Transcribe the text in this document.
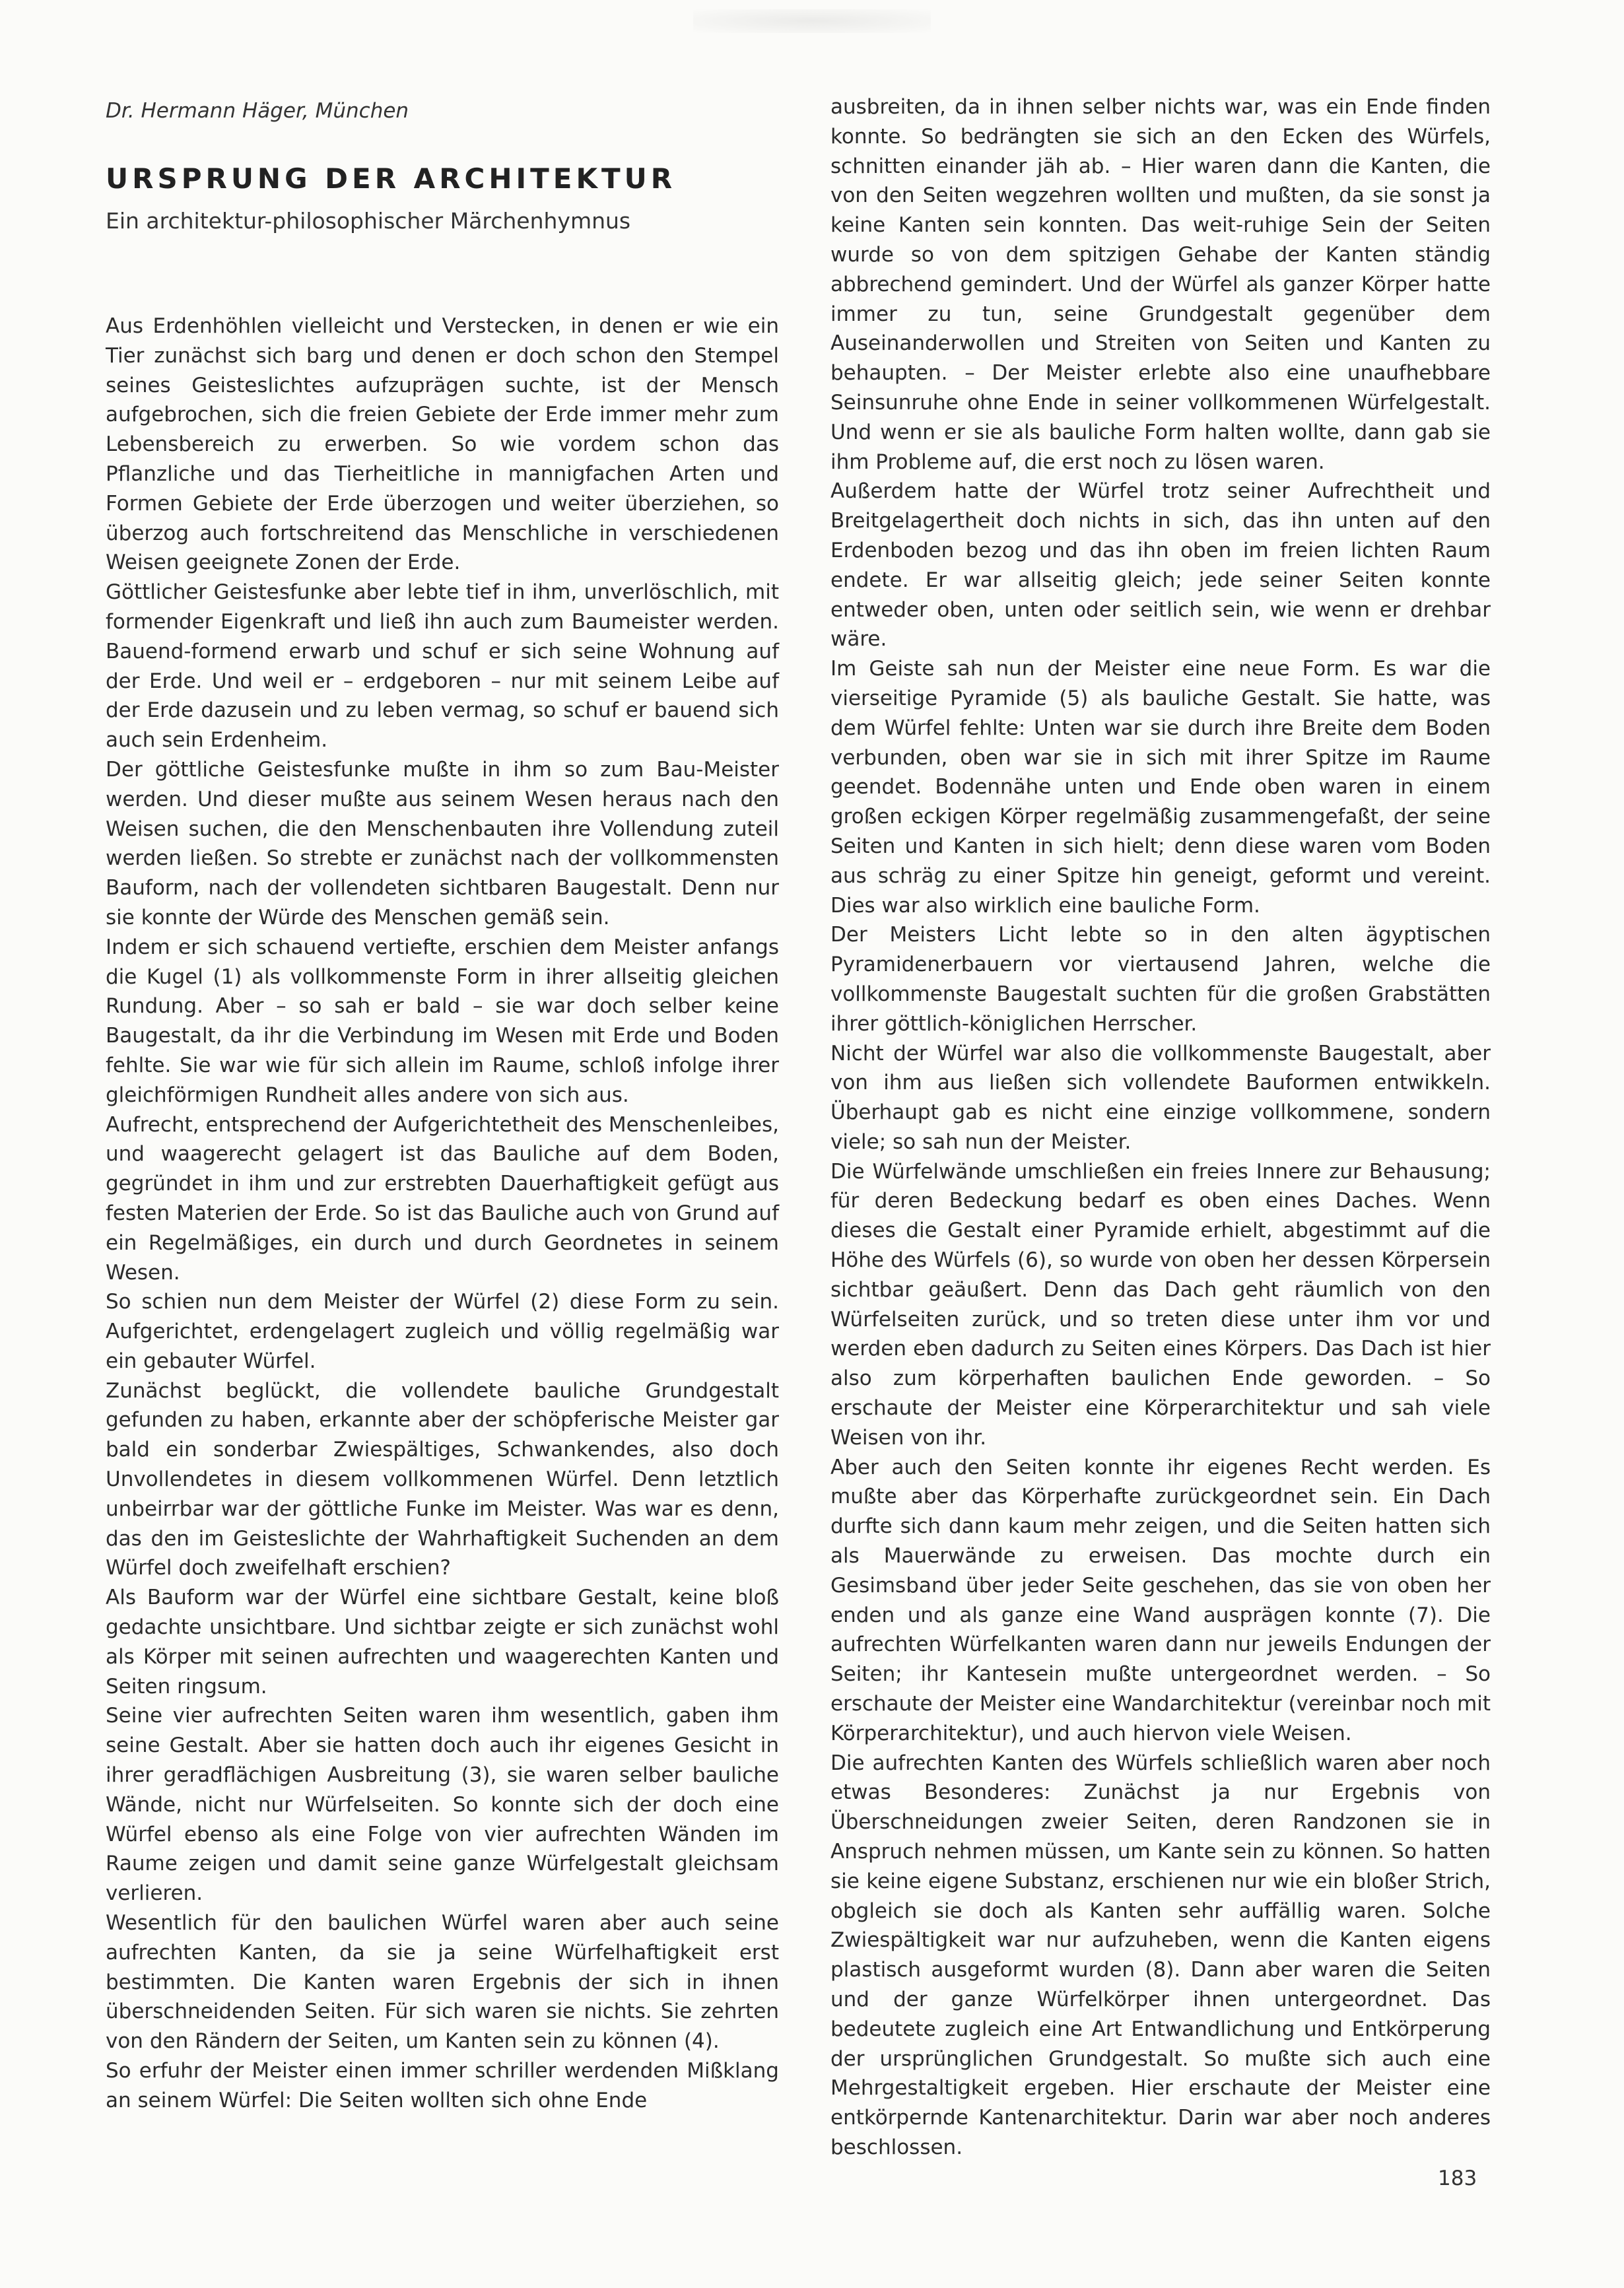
Dr. Hermann Häger, München
URSPRUNG DER ARCHITEKTUR
Ein architektur-philosophischer Märchenhymnus

Aus Erdenhöhlen vielleicht und Verstecken, in denen er wie ein Tier zunächst sich barg und denen er doch schon den Stempel seines Geisteslichtes aufzuprägen suchte, ist der Mensch aufgebrochen, sich die freien Gebiete der Erde immer mehr zum Lebensbereich zu erwerben. So wie vordem schon das Pflanzliche und das Tierheitliche in mannigfachen Arten und Formen Gebiete der Erde überzogen und weiter überziehen, so überzog auch fortschreitend das Menschliche in verschiedenen Weisen geeignete Zonen der Erde.

Göttlicher Geistesfunke aber lebte tief in ihm, unverlöschlich, mit formender Eigenkraft und ließ ihn auch zum Baumeister werden. Bauend-formend erwarb und schuf er sich seine Wohnung auf der Erde. Und weil er – erdgeboren – nur mit seinem Leibe auf der Erde dazusein und zu leben vermag, so schuf er bauend sich auch sein Erdenheim.

Der göttliche Geistesfunke mußte in ihm so zum Bau-Meister werden. Und dieser mußte aus seinem Wesen heraus nach den Weisen suchen, die den Menschenbauten ihre Vollendung zuteil werden ließen. So strebte er zunächst nach der vollkommensten Bauform, nach der vollendeten sichtbaren Baugestalt. Denn nur sie konnte der Würde des Menschen gemäß sein.

Indem er sich schauend vertiefte, erschien dem Meister anfangs die Kugel (1) als vollkommenste Form in ihrer allseitig gleichen Rundung. Aber – so sah er bald – sie war doch selber keine Baugestalt, da ihr die Verbindung im Wesen mit Erde und Boden fehlte. Sie war wie für sich allein im Raume, schloß infolge ihrer gleichförmigen Rundheit alles andere von sich aus.

Aufrecht, entsprechend der Aufgerichtetheit des Menschenleibes, und waagerecht gelagert ist das Bauliche auf dem Boden, gegründet in ihm und zur erstrebten Dauerhaftigkeit gefügt aus festen Materien der Erde. So ist das Bauliche auch von Grund auf ein Regelmäßiges, ein durch und durch Geordnetes in seinem Wesen.

So schien nun dem Meister der Würfel (2) diese Form zu sein. Aufgerichtet, erdengelagert zugleich und völlig regelmäßig war ein gebauter Würfel.

Zunächst beglückt, die vollendete bauliche Grundgestalt gefunden zu haben, erkannte aber der schöpferische Meister gar bald ein sonderbar Zwiespältiges, Schwankendes, also doch Unvollendetes in diesem vollkommenen Würfel. Denn letztlich unbeirrbar war der göttliche Funke im Meister. Was war es denn, das den im Geisteslichte der Wahrhaftigkeit Suchenden an dem Würfel doch zweifelhaft erschien?

Als Bauform war der Würfel eine sichtbare Gestalt, keine bloß gedachte unsichtbare. Und sichtbar zeigte er sich zunächst wohl als Körper mit seinen aufrechten und waagerechten Kanten und Seiten ringsum.

Seine vier aufrechten Seiten waren ihm wesentlich, gaben ihm seine Gestalt. Aber sie hatten doch auch ihr eigenes Gesicht in ihrer geradflächigen Ausbreitung (3), sie waren selber bauliche Wände, nicht nur Würfelseiten. So konnte sich der doch eine Würfel ebenso als eine Folge von vier aufrechten Wänden im Raume zeigen und damit seine ganze Würfelgestalt gleichsam verlieren.

Wesentlich für den baulichen Würfel waren aber auch seine aufrechten Kanten, da sie ja seine Würfelhaftigkeit erst bestimmten. Die Kanten waren Ergebnis der sich in ihnen überschneidenden Seiten. Für sich waren sie nichts. Sie zehrten von den Rändern der Seiten, um Kanten sein zu können (4).

So erfuhr der Meister einen immer schriller werdenden Mißklang an seinem Würfel: Die Seiten wollten sich ohne Ende

ausbreiten, da in ihnen selber nichts war, was ein Ende finden konnte. So bedrängten sie sich an den Ecken des Würfels, schnitten einander jäh ab. – Hier waren dann die Kanten, die von den Seiten wegzehren wollten und mußten, da sie sonst ja keine Kanten sein konnten. Das weit-ruhige Sein der Seiten wurde so von dem spitzigen Gehabe der Kanten ständig abbrechend gemindert. Und der Würfel als ganzer Körper hatte immer zu tun, seine Grundgestalt gegenüber dem Auseinanderwollen und Streiten von Seiten und Kanten zu behaupten. – Der Meister erlebte also eine unaufhebbare Seinsunruhe ohne Ende in seiner vollkommenen Würfelgestalt. Und wenn er sie als bauliche Form halten wollte, dann gab sie ihm Probleme auf, die erst noch zu lösen waren.

Außerdem hatte der Würfel trotz seiner Aufrechtheit und Breitgelagertheit doch nichts in sich, das ihn unten auf den Erdenboden bezog und das ihn oben im freien lichten Raum endete. Er war allseitig gleich; jede seiner Seiten konnte entweder oben, unten oder seitlich sein, wie wenn er drehbar wäre.

Im Geiste sah nun der Meister eine neue Form. Es war die vierseitige Pyramide (5) als bauliche Gestalt. Sie hatte, was dem Würfel fehlte: Unten war sie durch ihre Breite dem Boden verbunden, oben war sie in sich mit ihrer Spitze im Raume geendet. Bodennähe unten und Ende oben waren in einem großen eckigen Körper regelmäßig zusammengefaßt, der seine Seiten und Kanten in sich hielt; denn diese waren vom Boden aus schräg zu einer Spitze hin geneigt, geformt und vereint. Dies war also wirklich eine bauliche Form.

Der Meisters Licht lebte so in den alten ägyptischen Pyramidenerbauern vor viertausend Jahren, welche die vollkommenste Baugestalt suchten für die großen Grabstätten ihrer göttlich-königlichen Herrscher.

Nicht der Würfel war also die vollkommenste Baugestalt, aber von ihm aus ließen sich vollendete Bauformen entwikkeln. Überhaupt gab es nicht eine einzige vollkommene, sondern viele; so sah nun der Meister.

Die Würfelwände umschließen ein freies Innere zur Behausung; für deren Bedeckung bedarf es oben eines Daches. Wenn dieses die Gestalt einer Pyramide erhielt, abgestimmt auf die Höhe des Würfels (6), so wurde von oben her dessen Körpersein sichtbar geäußert. Denn das Dach geht räumlich von den Würfelseiten zurück, und so treten diese unter ihm vor und werden eben dadurch zu Seiten eines Körpers. Das Dach ist hier also zum körperhaften baulichen Ende geworden. – So erschaute der Meister eine Körperarchitektur und sah viele Weisen von ihr.

Aber auch den Seiten konnte ihr eigenes Recht werden. Es mußte aber das Körperhafte zurückgeordnet sein. Ein Dach durfte sich dann kaum mehr zeigen, und die Seiten hatten sich als Mauerwände zu erweisen. Das mochte durch ein Gesimsband über jeder Seite geschehen, das sie von oben her enden und als ganze eine Wand ausprägen konnte (7). Die aufrechten Würfelkanten waren dann nur jeweils Endungen der Seiten; ihr Kantesein mußte untergeordnet werden. – So erschaute der Meister eine Wandarchitektur (vereinbar noch mit Körperarchitektur), und auch hiervon viele Weisen.

Die aufrechten Kanten des Würfels schließlich waren aber noch etwas Besonderes: Zunächst ja nur Ergebnis von Überschneidungen zweier Seiten, deren Randzonen sie in Anspruch nehmen müssen, um Kante sein zu können. So hatten sie keine eigene Substanz, erschienen nur wie ein bloßer Strich, obgleich sie doch als Kanten sehr auffällig waren. Solche Zwiespältigkeit war nur aufzuheben, wenn die Kanten eigens plastisch ausgeformt wurden (8). Dann aber waren die Seiten und der ganze Würfelkörper ihnen untergeordnet. Das bedeutete zugleich eine Art Entwandlichung und Entkörperung der ursprünglichen Grundgestalt. So mußte sich auch eine Mehrgestaltigkeit ergeben. Hier erschaute der Meister eine entkörpernde Kantenarchitektur. Darin war aber noch anderes beschlossen.

183
